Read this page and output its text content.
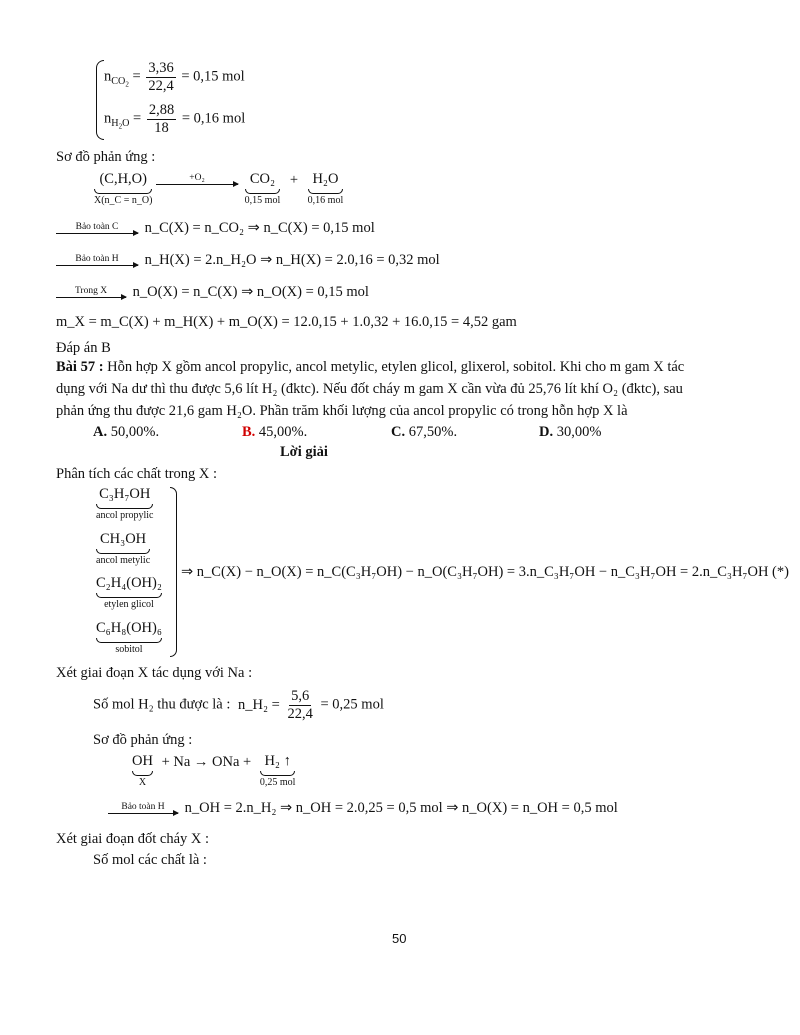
$n_{CO_2} = \frac{3,36}{22,4} = 0,15$ mol
$n_{H_2O} = \frac{2,88}{18} = 0,16$ mol
Sơ đồ phản ứng :
(C,H,O)
X(n_C = n_O)

+O₂
	CO₂
0,15 mol
+ H₂O
0,16 mol
Bảo toàn C n_C(X) = n_CO₂ ⇒ n_C(X) = 0,15 mol
Bảo toàn H n_H(X) = 2.n_H₂O ⇒ n_H(X) = 2.0,16 = 0,32 mol
Trong X n_O(X) = n_C(X) ⇒ n_O(X) = 0,15 mol
m_X = m_C(X) + m_H(X) + m_O(X) = 12.0,15 + 1.0,32 + 16.0,15 = 4,52 gam
Đáp án B
Bài 57 : Hỗn hợp X gồm ancol propylic, ancol metylic, etylen glicol, glixerol, sobitol. Khi cho m gam X tác
dụng với Na dư thì thu được 5,6 lít H₂ (đktc). Nếu đốt cháy m gam X cần vừa đủ 25,76 lít khí O₂ (đktc), sau
phản ứng thu được 21,6 gam H₂O. Phần trăm khối lượng của ancol propylic có trong hỗn hợp X là
A. 50,00%.	B. 45,00%.	C. 67,50%.	D. 30,00%
Lời giải
Phân tích các chất trong X :
C₃H₇OH
ancol propylic
CH₃OH
ancol metylic
C₂H₄(OH)₂
etylen glicol
C₆H₈(OH)₆
sobitol
⇒ n_C(X) − n_O(X) = n_C(C₃H₇OH) − n_O(C₃H₇OH) = 3.n_C₃H₇OH − n_C₃H₇OH = 2.n_C₃H₇OH (*)
Xét giai đoạn X tác dụng với Na :
Số mol H₂ thu được là : n_H₂ = $\frac{5,6}{22,4} = 0,25$ mol
Sơ đồ phản ứng :
OH
X
+ Na → ONa + H₂ ↑
0,25 mol
Bảo toàn H n_OH = 2.n_H₂ ⇒ n_OH = 2.0,25 = 0,5 mol ⇒ n_O(X) = n_OH = 0,5 mol
Xét giai đoạn đốt cháy X :
Số mol các chất là :
50
